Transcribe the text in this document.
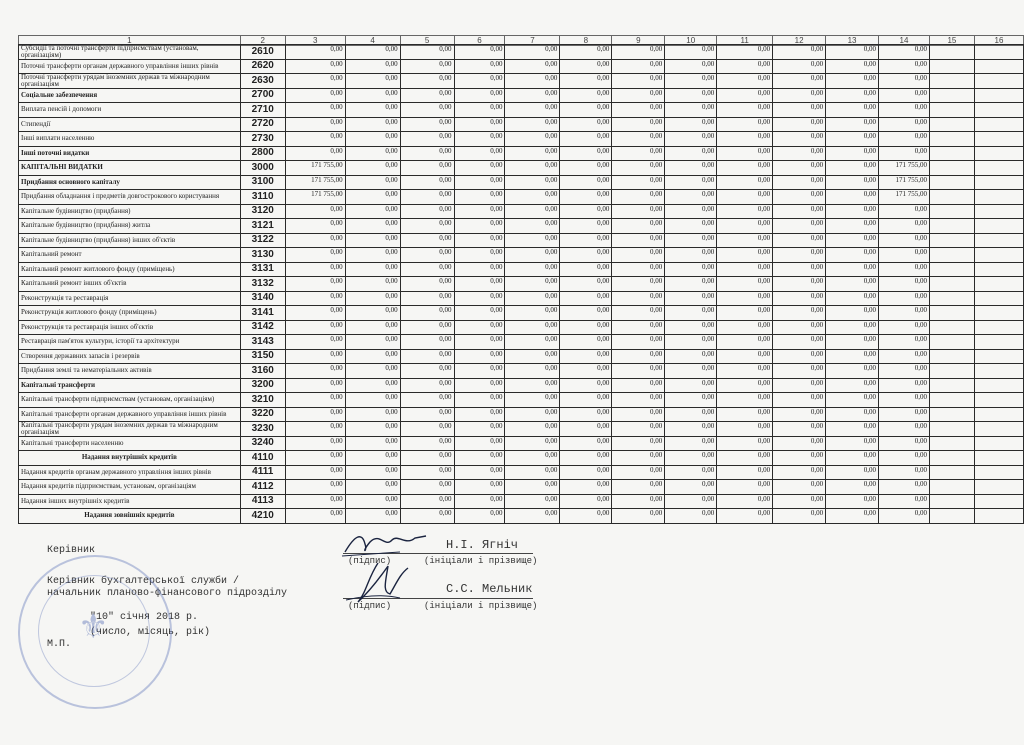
1	2	3	4	5	6	7	8	9	10	11	12	13	14	15	16
Субсидії та поточні трансферти підприємствам (установам, організаціям)	2610	0,00	0,00	0,00	0,00	0,00	0,00	0,00	0,00	0,00	0,00	0,00	0,00		
Поточні трансферти органам державного управління інших рівнів	2620	0,00	0,00	0,00	0,00	0,00	0,00	0,00	0,00	0,00	0,00	0,00	0,00		
Поточні трансферти урядам іноземних держав та міжнародним організаціям	2630	0,00	0,00	0,00	0,00	0,00	0,00	0,00	0,00	0,00	0,00	0,00	0,00		
Соціальне забезпечення	2700	0,00	0,00	0,00	0,00	0,00	0,00	0,00	0,00	0,00	0,00	0,00	0,00		
Виплата пенсій і допомоги	2710	0,00	0,00	0,00	0,00	0,00	0,00	0,00	0,00	0,00	0,00	0,00	0,00		
Стипендії	2720	0,00	0,00	0,00	0,00	0,00	0,00	0,00	0,00	0,00	0,00	0,00	0,00		
Інші виплати населенню	2730	0,00	0,00	0,00	0,00	0,00	0,00	0,00	0,00	0,00	0,00	0,00	0,00		
Інші поточні видатки	2800	0,00	0,00	0,00	0,00	0,00	0,00	0,00	0,00	0,00	0,00	0,00	0,00		
КАПІТАЛЬНІ ВИДАТКИ	3000	171 755,00	0,00	0,00	0,00	0,00	0,00	0,00	0,00	0,00	0,00	0,00	171 755,00		
Придбання основного капіталу	3100	171 755,00	0,00	0,00	0,00	0,00	0,00	0,00	0,00	0,00	0,00	0,00	171 755,00		
Придбання обладнання і предметів довгострокового користування	3110	171 755,00	0,00	0,00	0,00	0,00	0,00	0,00	0,00	0,00	0,00	0,00	171 755,00		
Капітальне будівництво (придбання)	3120	0,00	0,00	0,00	0,00	0,00	0,00	0,00	0,00	0,00	0,00	0,00	0,00		
Капітальне будівництво (придбання) житла	3121	0,00	0,00	0,00	0,00	0,00	0,00	0,00	0,00	0,00	0,00	0,00	0,00		
Капітальне будівництво (придбання) інших об'єктів	3122	0,00	0,00	0,00	0,00	0,00	0,00	0,00	0,00	0,00	0,00	0,00	0,00		
Капітальний ремонт	3130	0,00	0,00	0,00	0,00	0,00	0,00	0,00	0,00	0,00	0,00	0,00	0,00		
Капітальний ремонт житлового фонду (приміщень)	3131	0,00	0,00	0,00	0,00	0,00	0,00	0,00	0,00	0,00	0,00	0,00	0,00		
Капітальний ремонт інших об'єктів	3132	0,00	0,00	0,00	0,00	0,00	0,00	0,00	0,00	0,00	0,00	0,00	0,00		
Реконструкція та реставрація	3140	0,00	0,00	0,00	0,00	0,00	0,00	0,00	0,00	0,00	0,00	0,00	0,00		
Реконструкція житлового фонду (приміщень)	3141	0,00	0,00	0,00	0,00	0,00	0,00	0,00	0,00	0,00	0,00	0,00	0,00		
Реконструкція та реставрація інших об'єктів	3142	0,00	0,00	0,00	0,00	0,00	0,00	0,00	0,00	0,00	0,00	0,00	0,00		
Реставрація пам'яток культури, історії та архітектури	3143	0,00	0,00	0,00	0,00	0,00	0,00	0,00	0,00	0,00	0,00	0,00	0,00		
Створення державних запасів і резервів	3150	0,00	0,00	0,00	0,00	0,00	0,00	0,00	0,00	0,00	0,00	0,00	0,00		
Придбання землі та нематеріальних активів	3160	0,00	0,00	0,00	0,00	0,00	0,00	0,00	0,00	0,00	0,00	0,00	0,00		
Капітальні трансферти	3200	0,00	0,00	0,00	0,00	0,00	0,00	0,00	0,00	0,00	0,00	0,00	0,00		
Капітальні трансферти підприємствам (установам, організаціям)	3210	0,00	0,00	0,00	0,00	0,00	0,00	0,00	0,00	0,00	0,00	0,00	0,00		
Капітальні трансферти органам державного управління інших рівнів	3220	0,00	0,00	0,00	0,00	0,00	0,00	0,00	0,00	0,00	0,00	0,00	0,00		
Капітальні трансферти урядам іноземних держав та міжнародним організаціям	3230	0,00	0,00	0,00	0,00	0,00	0,00	0,00	0,00	0,00	0,00	0,00	0,00		
Капітальні трансферти населенню	3240	0,00	0,00	0,00	0,00	0,00	0,00	0,00	0,00	0,00	0,00	0,00	0,00		
Надання внутрішніх кредитів	4110	0,00	0,00	0,00	0,00	0,00	0,00	0,00	0,00	0,00	0,00	0,00	0,00		
Надання кредитів органам державного управління інших рівнів	4111	0,00	0,00	0,00	0,00	0,00	0,00	0,00	0,00	0,00	0,00	0,00	0,00		
Надання кредитів підприємствам, установам, організаціям	4112	0,00	0,00	0,00	0,00	0,00	0,00	0,00	0,00	0,00	0,00	0,00	0,00		
Надання інших внутрішніх кредитів	4113	0,00	0,00	0,00	0,00	0,00	0,00	0,00	0,00	0,00	0,00	0,00	0,00		
Надання зовнішніх кредитів	4210	0,00	0,00	0,00	0,00	0,00	0,00	0,00	0,00	0,00	0,00	0,00	0,00		
Керівник	Н.І. Ягніч
(підпис)	(ініціали і прізвище)
Керівник бухгалтерської служби /
начальник планово-фінансового підрозділу	С.С. Мельник
(підпис)	(ініціали і прізвище)
"10" січня 2018 р.
(число, місяць, рік)
М.П. ⚜
